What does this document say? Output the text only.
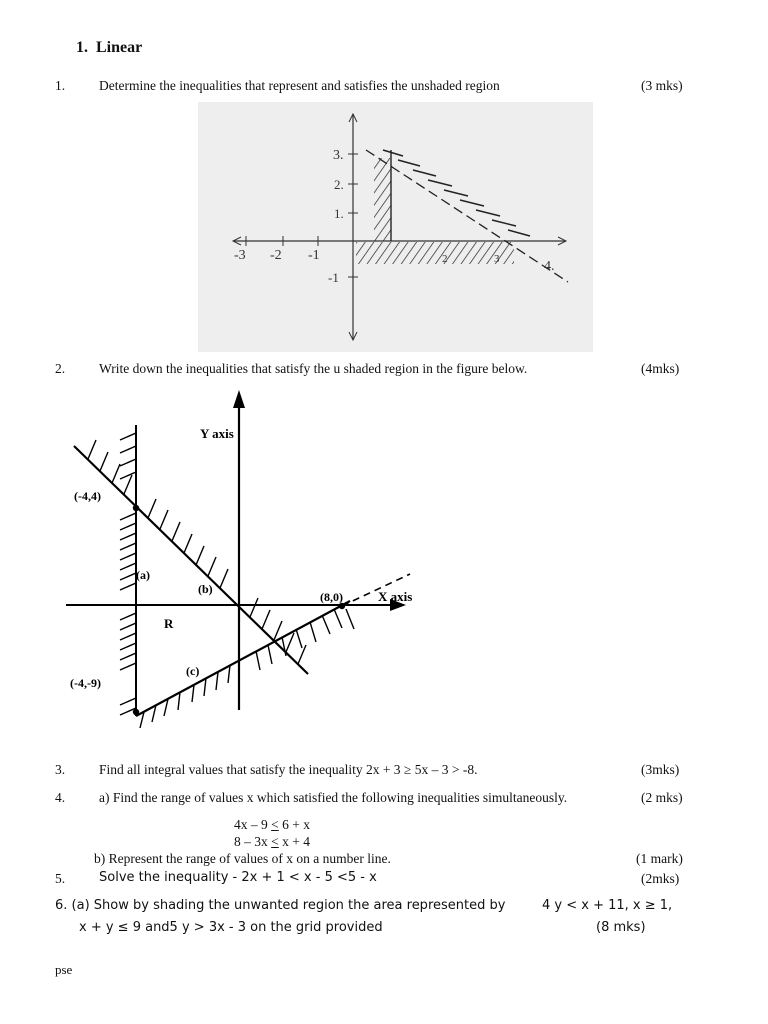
1. Linear
1.	Determine the inequalities that represent and satisfies the unshaded region	(3 mks)
3.
2.
1.
-1
-3 -2 -1
4.
2	3
2.	Write down the inequalities that satisfy the u shaded region in the figure below.	(4mks)
Y axis
X axis
(-4,4)
(8,0)
(-4,-9)
(a)
(b)
(c)
R
3.	Find all integral values that satisfy the inequality 2x + 3 ≥ 5x – 3 > -8.	(3mks)
4.	a) Find the range of values x which satisfied the following inequalities simultaneously.	(2 mks)
4x – 9 < 6 + x
8 – 3x < x + 4
b) Represent the range of values of x on a number line.	(1 mark)
5.	Solve the inequality - 2x + 1 < x - 5 <5 - x	(2mks)
6. (a) Show by shading the unwanted region the area represented by	4 y < x + 11, x ≥ 1,
x + y ≤ 9 and5 y > 3x - 3 on the grid provided	(8 mks)
pse
